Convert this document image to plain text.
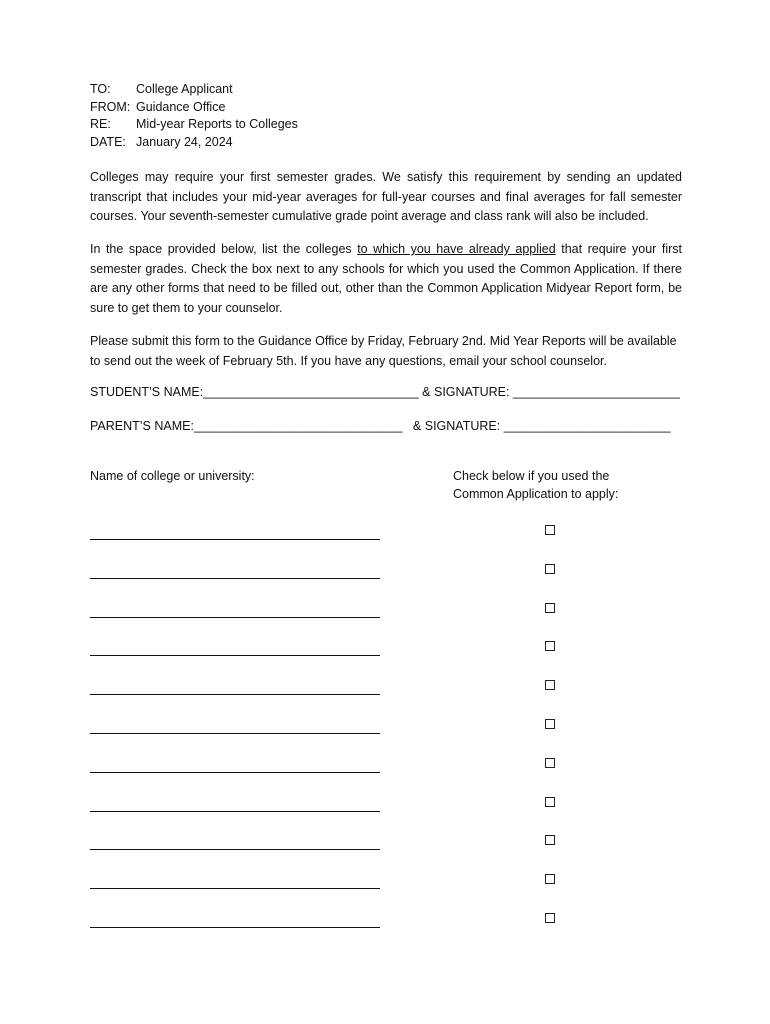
TO:	College Applicant
FROM: Guidance Office
RE:	Mid-year Reports to Colleges
DATE: January 24, 2024

Colleges may require your first semester grades. We satisfy this requirement by sending an updated transcript that includes your mid-year averages for full-year courses and final averages for fall semester courses. Your seventh-semester cumulative grade point average and class rank will also be included.

In the space provided below, list the colleges to which you have already applied that require your first semester grades. Check the box next to any schools for which you used the Common Application. If there are any other forms that need to be filled out, other than the Common Application Midyear Report form, be sure to get them to your counselor.

Please submit this form to the Guidance Office by Friday, February 2nd. Mid Year Reports will be available to send out the week of February 5th. If you have any questions, email your school counselor.

STUDENT’S NAME:_______________________________ & SIGNATURE: ________________________
PARENT’S NAME:______________________________   & SIGNATURE: ________________________
Name of college or university:	Check below if you used the
Common Application to apply:
